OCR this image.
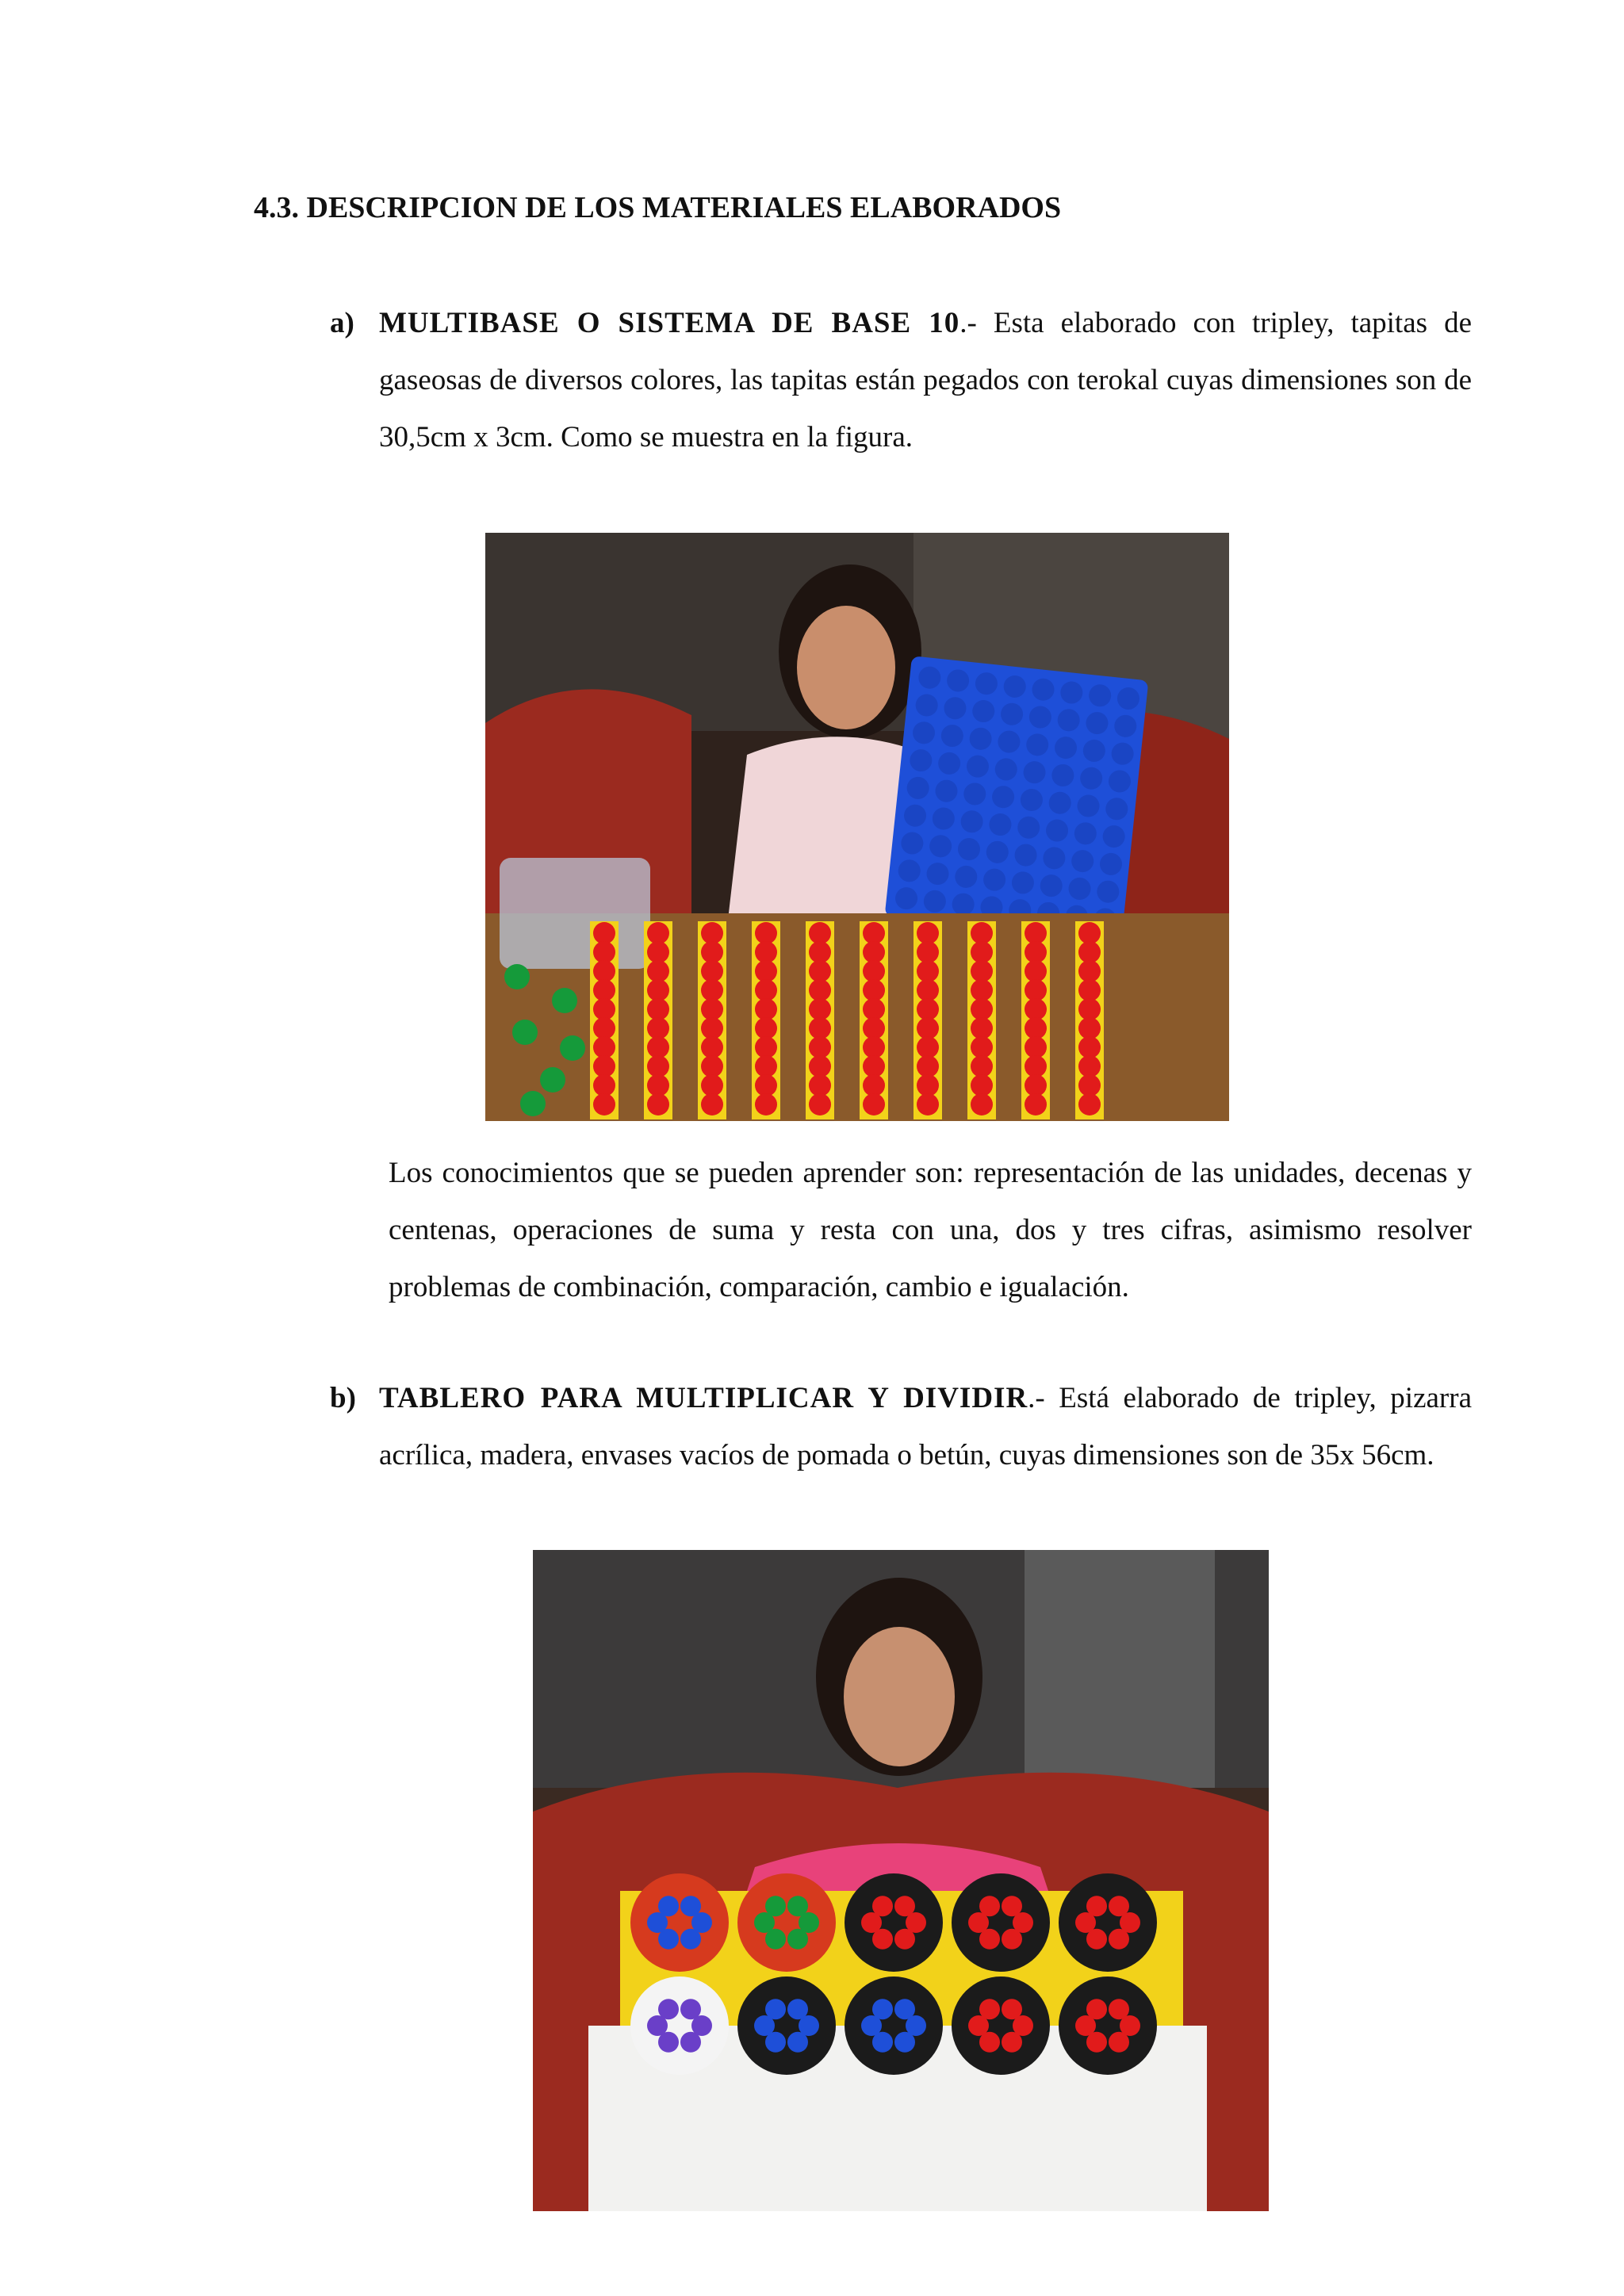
4.3. DESCRIPCION DE LOS MATERIALES ELABORADOS
a) MULTIBASE O SISTEMA DE BASE 10.- Esta elaborado con tripley, tapitas de gaseosas de diversos colores, las tapitas están pegados con terokal cuyas dimensiones son de 30,5cm x 3cm. Como se muestra en la figura.

Los conocimientos que se pueden aprender son: representación de las unidades, decenas y centenas, operaciones de suma y resta con una, dos y tres cifras, asimismo resolver problemas de combinación, comparación, cambio e igualación.

b) TABLERO PARA MULTIPLICAR Y DIVIDIR.- Está elaborado de tripley, pizarra acrílica, madera, envases vacíos de pomada o betún, cuyas dimensiones son de 35x 56cm.
